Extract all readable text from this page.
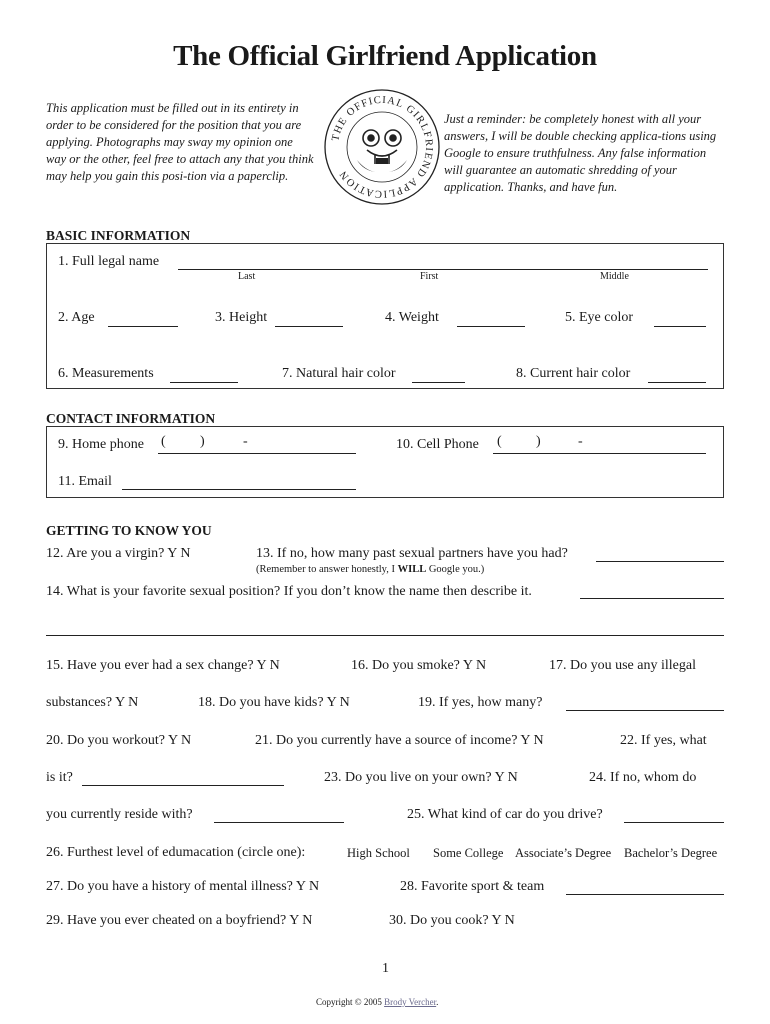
The Official Girlfriend Application
This application must be filled out in its entirety in order to be considered for the position that you are applying. Photographs may sway my opinion one way or the other, feel free to attach any that you think may help you gain this posi-tion via a paperclip.
THE OFFICIAL GIRLFRIEND APPLICATION
Just a reminder: be completely honest with all your answers, I will be double checking applica-tions using Google to ensure truthfulness. Any false information will guarantee an automatic shredding of your application. Thanks, and have fun.
BASIC INFORMATION
1. Full legal name
Last	First	Middle
2. Age	3. Height	4. Weight	5. Eye color
6. Measurements	7. Natural hair color	8. Current hair color
CONTACT INFORMATION
9. Home phone ( )	-	10. Cell Phone ( )	-
11. Email
GETTING TO KNOW YOU
12. Are you a virgin? Y N	13. If no, how many past sexual partners have you had?
(Remember to answer honestly, I WILL Google you.)
14. What is your favorite sexual position? If you don’t know the name then describe it.
15. Have you ever had a sex change? Y N	16. Do you smoke? Y N	17. Do you use any illegal
substances? Y N	18. Do you have kids? Y N	19. If yes, how many?
20. Do you workout? Y N	21. Do you currently have a source of income? Y N	22. If yes, what
is it?	23. Do you live on your own? Y N	24. If no, whom do
you currently reside with?	25. What kind of car do you drive?
26. Furthest level of edumacation (circle one):	High School Some College Associate’s Degree Bachelor’s Degree
27. Do you have a history of mental illness? Y N	28. Favorite sport & team
29. Have you ever cheated on a boyfriend? Y N	30. Do you cook? Y N
1
Copyright © 2005 Brody Vercher.
